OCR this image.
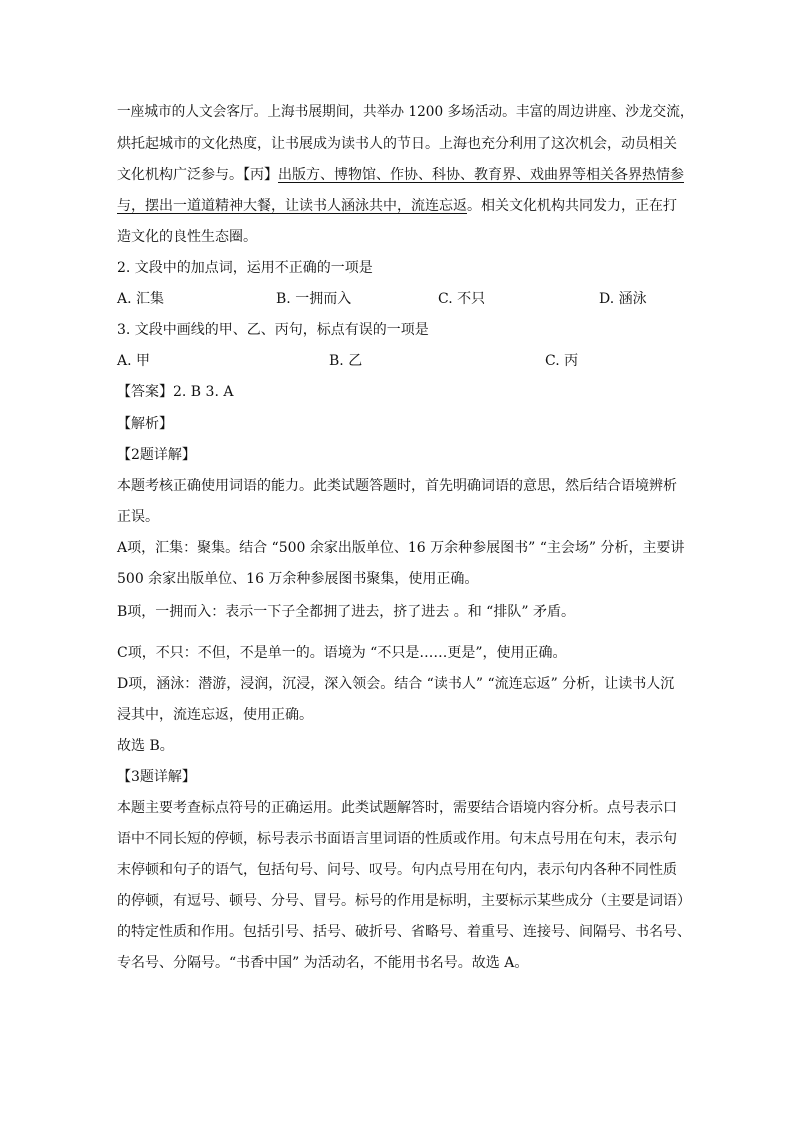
一座城市的人文会客厅。上海书展期间，共举办 1200 多场活动。丰富的周边讲座、沙龙交流，
烘托起城市的文化热度，让书展成为读书人的节日。上海也充分利用了这次机会，动员相关
文化机构广泛参与。【丙】出版方、博物馆、作协、科协、教育界、戏曲界等相关各界热情参
与，摆出一道道精神大餐，让读书人涵泳共中，流连忘返。相关文化机构共同发力，正在打
造文化的良性生态圈。
2. 文段中的加点词，运用不正确的一项是
A. 汇集	B. 一拥而入	C. 不只	D. 涵泳
3. 文段中画线的甲、乙、丙句，标点有误的一项是
A. 甲	B. 乙	C. 丙
【答案】2. B 3. A
【解析】
【2题详解】
本题考核正确使用词语的能力。此类试题答题时，首先明确词语的意思，然后结合语境辨析
正误。
A项，汇集：聚集。结合 “500 余家出版单位、16 万余种参展图书” “主会场” 分析，主要讲
500 余家出版单位、16 万余种参展图书聚集，使用正确。
B项，一拥而入：表示一下子全都拥了进去，挤了进去 。和 “排队” 矛盾。
C项，不只：不但，不是单一的。语境为 “不只是……更是”，使用正确。
D项，涵泳：潜游，浸润，沉浸，深入领会。结合 “读书人” “流连忘返” 分析，让读书人沉
浸其中，流连忘返，使用正确。
故选 B。
【3题详解】
本题主要考查标点符号的正确运用。此类试题解答时，需要结合语境内容分析。点号表示口
语中不同长短的停顿，标号表示书面语言里词语的性质或作用。句末点号用在句末，表示句
末停顿和句子的语气，包括句号、问号、叹号。句内点号用在句内，表示句内各种不同性质
的停顿，有逗号、顿号、分号、冒号。标号的作用是标明，主要标示某些成分（主要是词语）
的特定性质和作用。包括引号、括号、破折号、省略号、着重号、连接号、间隔号、书名号、
专名号、分隔号。“书香中国” 为活动名，不能用书名号。故选 A。
